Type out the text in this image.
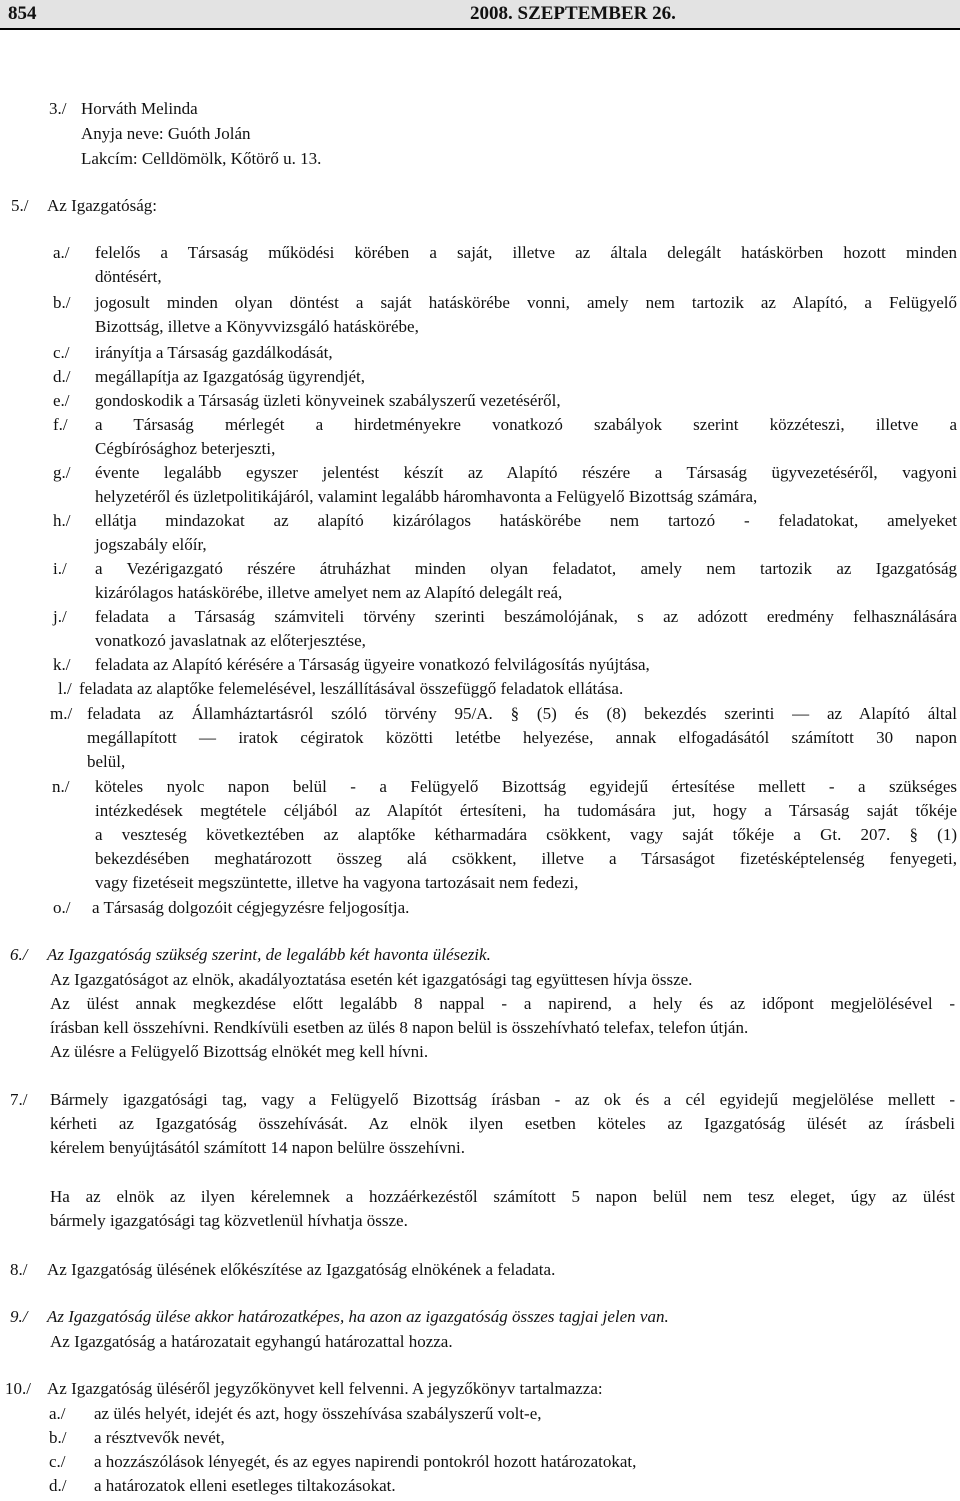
854	2008. SZEPTEMBER 26.
3./ Horváth Melinda
Anyja neve: Guóth Jolán
Lakcím: Celldömölk, Kőtörő u. 13.
5./ Az Igazgatóság:
a./ felelős a Társaság működési körében a saját, illetve az általa delegált hatáskörben hozott minden
döntésért,
b./ jogosult minden olyan döntést a saját hatáskörébe vonni, amely nem tartozik az Alapító, a Felügyelő
Bizottság, illetve a Könyvvizsgáló hatáskörébe,
c./ irányítja a Társaság gazdálkodását,
d./ megállapítja az Igazgatóság ügyrendjét,
e./ gondoskodik a Társaság üzleti könyveinek szabályszerű vezetéséről,
f./ a Társaság mérlegét a hirdetményekre vonatkozó szabályok szerint közzéteszi, illetve a
Cégbírósághoz beterjeszti,
g./ évente legalább egyszer jelentést készít az Alapító részére a Társaság ügyvezetéséről, vagyoni
helyzetéről és üzletpolitikájáról, valamint legalább háromhavonta a Felügyelő Bizottság számára,
h./ ellátja mindazokat az alapító kizárólagos hatáskörébe nem tartozó - feladatokat, amelyeket
jogszabály előír,
i./ a Vezérigazgató részére átruházhat minden olyan feladatot, amely nem tartozik az Igazgatóság
kizárólagos hatáskörébe, illetve amelyet nem az Alapító delegált reá,
j./ feladata a Társaság számviteli törvény szerinti beszámolójának, s az adózott eredmény felhasználására
vonatkozó javaslatnak az előterjesztése,
k./ feladata az Alapító kérésére a Társaság ügyeire vonatkozó felvilágosítás nyújtása,
l./ feladata az alaptőke felemelésével, leszállításával összefüggő feladatok ellátása.
m./ feladata az Államháztartásról szóló törvény 95/A. § (5) és (8) bekezdés szerinti — az Alapító által
megállapított — iratok cégiratok közötti letétbe helyezése, annak elfogadásától számított 30 napon
belül,
n./ köteles nyolc napon belül - a Felügyelő Bizottság egyidejű értesítése mellett - a szükséges
intézkedések megtétele céljából az Alapítót értesíteni, ha tudomására jut, hogy a Társaság saját tőkéje
a veszteség következtében az alaptőke kétharmadára csökkent, vagy saját tőkéje a Gt. 207. § (1)
bekezdésében meghatározott összeg alá csökkent, illetve a Társaságot fizetésképtelenség fenyegeti,
vagy fizetéseit megszüntette, illetve ha vagyona tartozásait nem fedezi,
o./ a Társaság dolgozóit cégjegyzésre feljogosítja.
6./ Az Igazgatóság szükség szerint, de legalább két havonta ülésezik.
Az Igazgatóságot az elnök, akadályoztatása esetén két igazgatósági tag együttesen hívja össze.
Az ülést annak megkezdése előtt legalább 8 nappal - a napirend, a hely és az időpont megjelölésével -
írásban kell összehívni. Rendkívüli esetben az ülés 8 napon belül is összehívható telefax, telefon útján.
Az ülésre a Felügyelő Bizottság elnökét meg kell hívni.
7./ Bármely igazgatósági tag, vagy a Felügyelő Bizottság írásban - az ok és a cél egyidejű megjelölése mellett -
kérheti az Igazgatóság összehívását. Az elnök ilyen esetben köteles az Igazgatóság ülését az írásbeli
kérelem benyújtásától számított 14 napon belülre összehívni.
Ha az elnök az ilyen kérelemnek a hozzáérkezéstől számított 5 napon belül nem tesz eleget, úgy az ülést
bármely igazgatósági tag közvetlenül hívhatja össze.
8./ Az Igazgatóság ülésének előkészítése az Igazgatóság elnökének a feladata.
9./ Az Igazgatóság ülése akkor határozatképes, ha azon az igazgatóság összes tagjai jelen van.
Az Igazgatóság a határozatait egyhangú határozattal hozza.
10./ Az Igazgatóság üléséről jegyzőkönyvet kell felvenni. A jegyzőkönyv tartalmazza:
a./ az ülés helyét, idejét és azt, hogy összehívása szabályszerű volt-e,
b./ a résztvevők nevét,
c./ a hozzászólások lényegét, és az egyes napirendi pontokról hozott határozatokat,
d./ a határozatok elleni esetleges tiltakozásokat.
